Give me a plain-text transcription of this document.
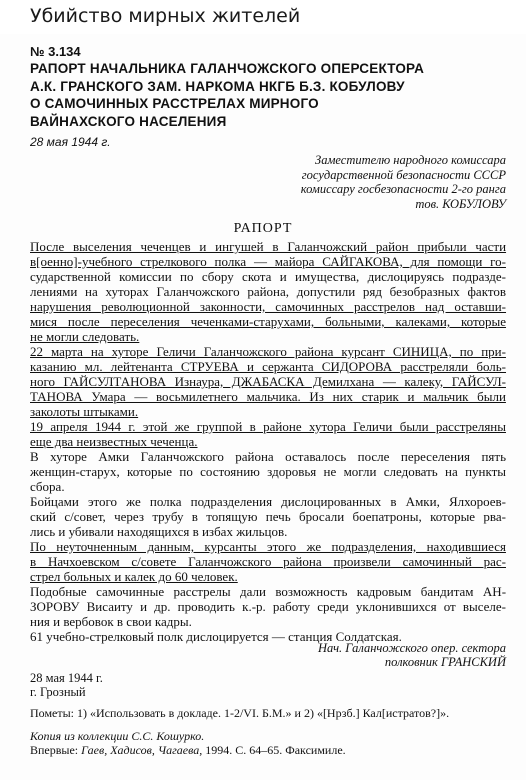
Убийство мирных жителей
№ 3.134
РАПОРТ НАЧАЛЬНИКА ГАЛАНЧОЖСКОГО ОПЕРСЕКТОРА
А.К. ГРАНСКОГО ЗАМ. НАРКОМА НКГБ Б.З. КОБУЛОВУ
О САМОЧИННЫХ РАССТРЕЛАХ МИРНОГО
ВАЙНАХСКОГО НАСЕЛЕНИЯ
28 мая 1944 г.
Заместителю народного комиссара
государственной безопасности СССР
комиссару госбезопасности 2-го ранга
тов. КОБУЛОВУ
РАПОРТ
После выселения чеченцев и ингушей в Галанчожский район прибыли части
в[оенно]-учебного стрелкового полка — майора САЙГАКОВА, для помощи го-
сударственной комиссии по сбору скота и имущества, дислоцируясь подразде-
лениями на хуторах Галанчожского района, допустили ряд безобразных фактов
нарушения революционной законности, самочинных расстрелов над оставши-
мися после переселения чеченками-старухами, больными, калеками, которые
не могли следовать.
22 марта на хуторе Геличи Галанчожского района курсант СИНИЦА, по при-
казанию мл. лейтенанта СТРУЕВА и сержанта СИДОРОВА расстреляли боль-
ного ГАЙСУЛТАНОВА Изнаура, ДЖАБАСКА Демилхана — калеку, ГАЙСУЛ-
ТАНОВА Умара — восьмилетнего мальчика. Из них старик и мальчик были
заколоты штыками.
19 апреля 1944 г. этой же группой в районе хутора Геличи были расстреляны
еще два неизвестных чеченца.
В хуторе Амки Галанчожского района оставалось после переселения пять
женщин-старух, которые по состоянию здоровья не могли следовать на пункты
сбора.
Бойцами этого же полка подразделения дислоцированных в Амки, Ялхороев-
ский с/совет, через трубу в топящую печь бросали боепатроны, которые рва-
лись и убивали находящихся в избах жильцов.
По неуточненным данным, курсанты этого же подразделения, находившиеся
в Начхоевском с/совете Галанчожского района произвели самочинный рас-
стрел больных и калек до 60 человек.
Подобные самочинные расстрелы дали возможность кадровым бандитам АН-
ЗОРОВУ Висаиту и др. проводить к.-р. работу среди уклонившихся от выселе-
ния и вербовок в свои кадры.
61 учебно-стрелковый полк дислоцируется — станция Солдатская.
Нач. Галанчожского опер. сектора
полковник ГРАНСКИЙ
28 мая 1944 г.
г. Грозный
Пометы: 1) «Использовать в докладе. 1-2/VI. Б.М.» и 2) «[Нрзб.] Кал[истратов?]».
Копия из коллекции С.С. Кошурко.
Впервые: Гаев, Хадисов, Чагаева, 1994. С. 64–65. Факсимиле.
